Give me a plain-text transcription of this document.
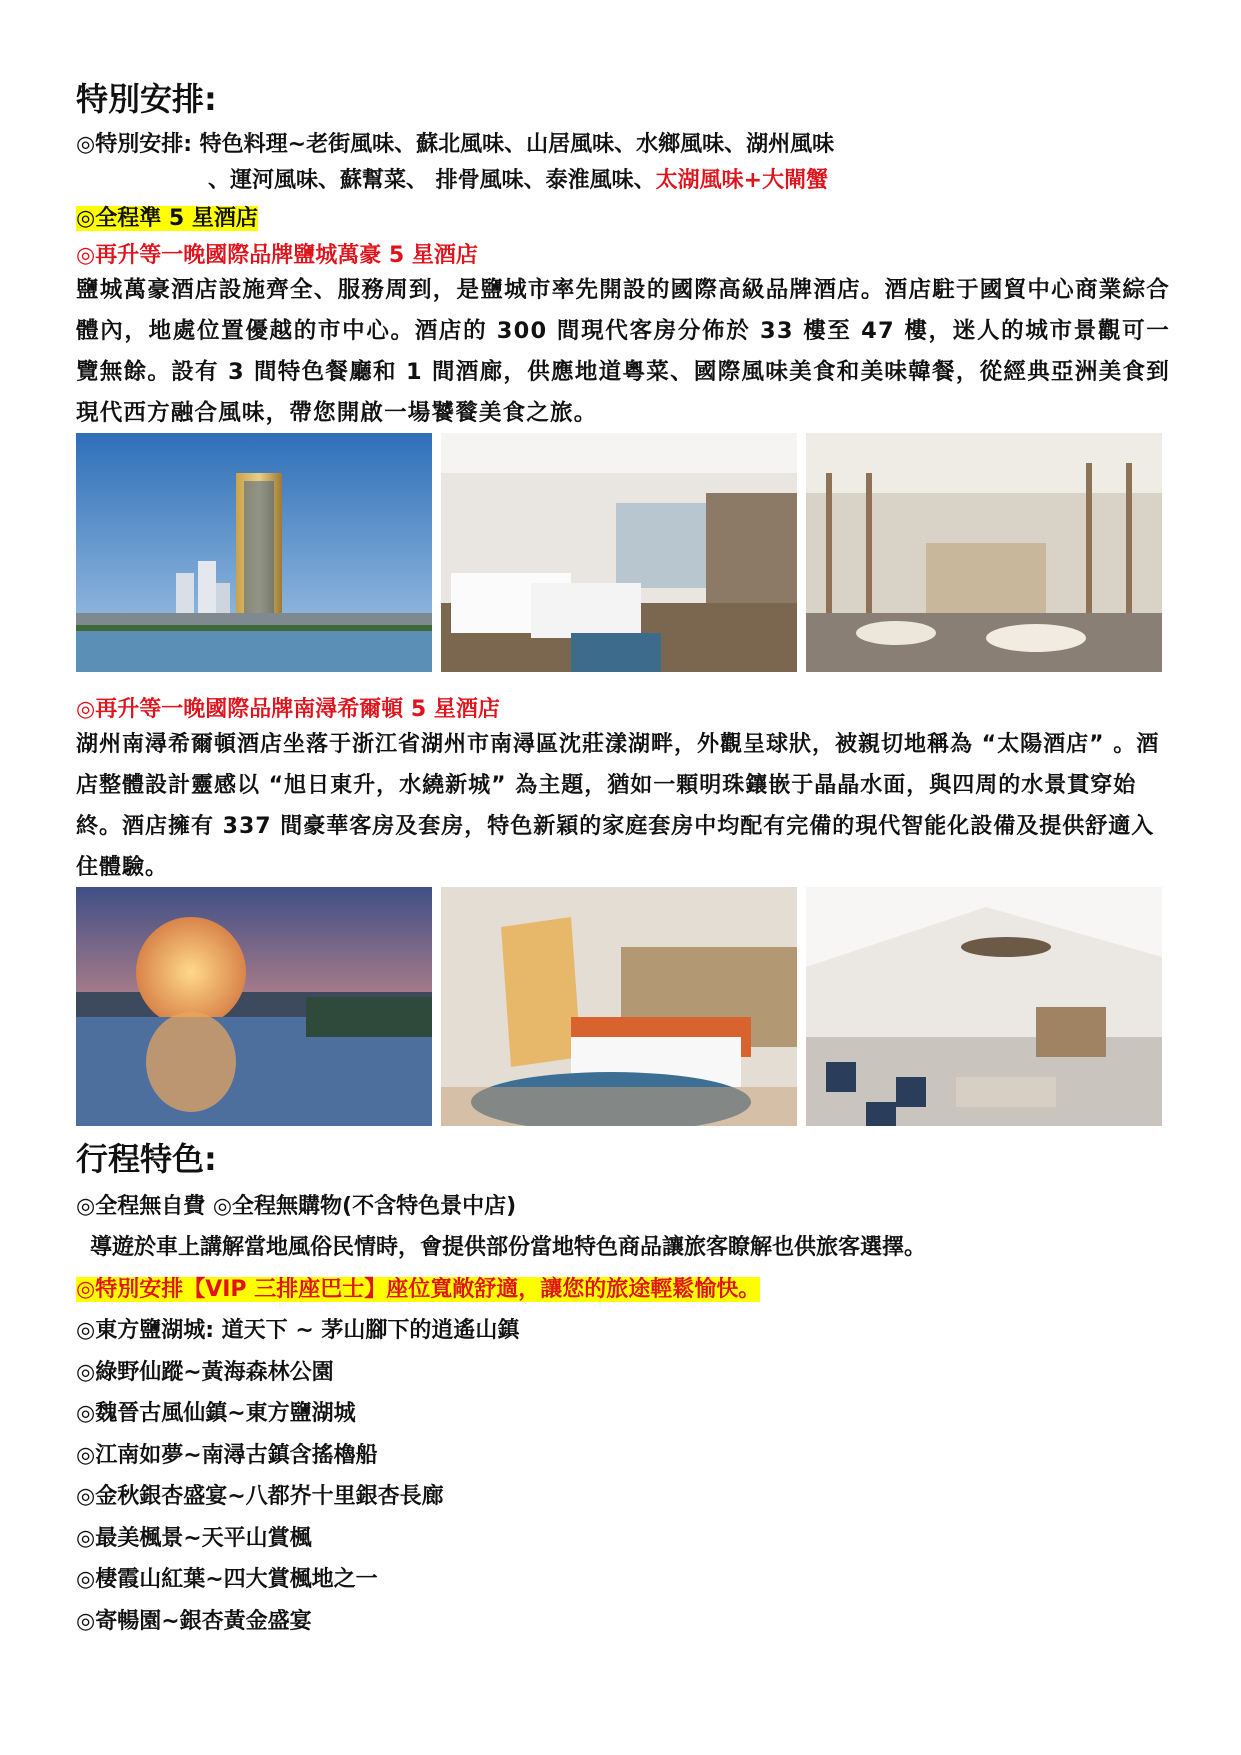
特別安排:
◎特別安排: 特色料理~老街風味、蘇北風味、山居風味、水鄉風味、湖州風味
、運河風味、蘇幫菜、 排骨風味、泰淮風味、太湖風味+大閘蟹
◎全程準 5 星酒店
◎再升等一晚國際品牌鹽城萬豪 5 星酒店
鹽城萬豪酒店設施齊全、服務周到，是鹽城市率先開設的國際高級品牌酒店。酒店駐于國貿中心商業綜合體內，地處位置優越的市中心。酒店的 300 間現代客房分佈於 33 樓至 47 樓，迷人的城市景觀可一覽無餘。設有 3 間特色餐廳和 1 間酒廊，供應地道粵菜、國際風味美食和美味韓餐，從經典亞洲美食到現代西方融合風味，帶您開啟一場饕餮美食之旅。
◎再升等一晚國際品牌南潯希爾頓 5 星酒店
湖州南潯希爾頓酒店坐落于浙江省湖州市南潯區沈莊漾湖畔，外觀呈球狀，被親切地稱為 “太陽酒店” 。酒店整體設計靈感以 “旭日東升，水繞新城” 為主題，猶如一顆明珠鑲嵌于晶晶水面，與四周的水景貫穿始終。酒店擁有 337 間豪華客房及套房，特色新穎的家庭套房中均配有完備的現代智能化設備及提供舒適入住體驗。
行程特色:
◎全程無自費 ◎全程無購物(不含特色景中店)
導遊於車上講解當地風俗民情時，會提供部份當地特色商品讓旅客瞭解也供旅客選擇。
◎特別安排【VIP 三排座巴士】座位寬敞舒適，讓您的旅途輕鬆愉快。
◎東方鹽湖城: 道天下 ~ 茅山腳下的逍遙山鎮
◎綠野仙蹤~黃海森林公園
◎魏晉古風仙鎮~東方鹽湖城
◎江南如夢~南潯古鎮含搖櫓船
◎金秋銀杏盛宴~八都岕十里銀杏長廊
◎最美楓景~天平山賞楓
◎棲霞山紅葉~四大賞楓地之一
◎寄暢園~銀杏黃金盛宴
